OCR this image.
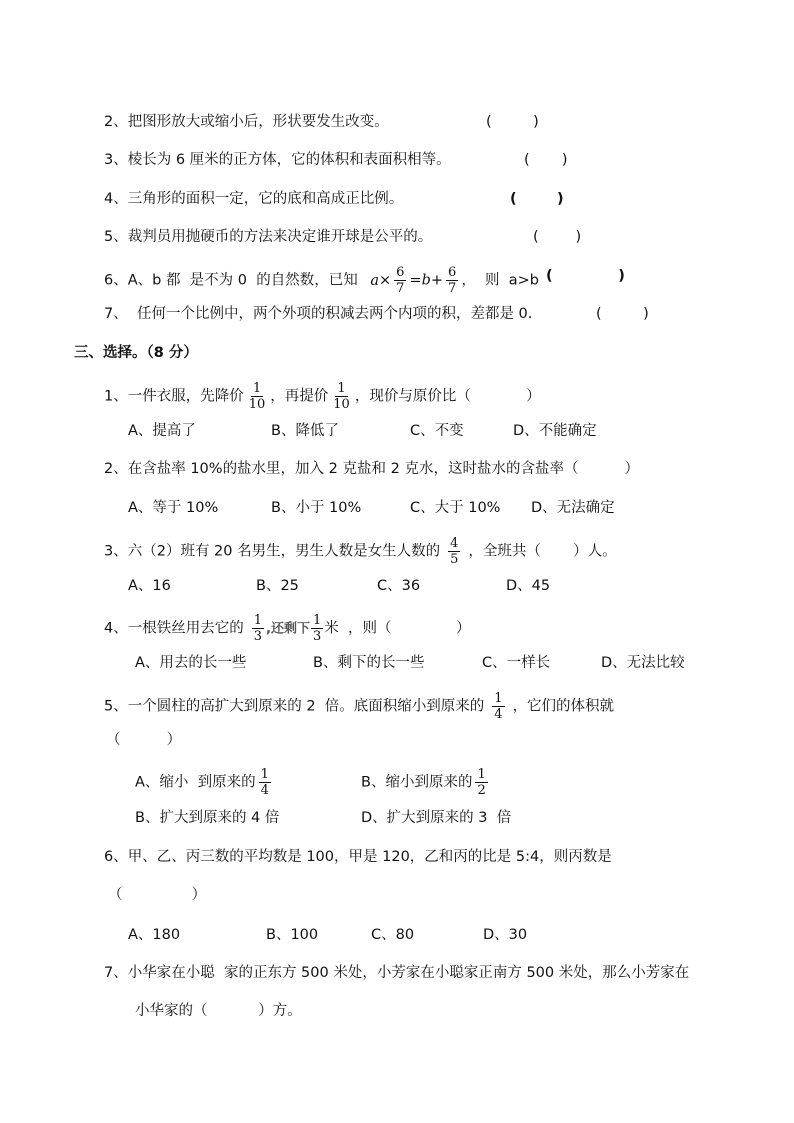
2、把图形放大或缩小后，形状要发生改变。	(         )
3、棱长为 6 厘米的正方体，它的体积和表面积相等。	(       )
4、三角形的面积一定，它的底和高成正比例。	(        )
5、裁判员用抛硬币的方法来决定谁开球是公平的。	(        )
6、A、b 都  是不为 0  的自然数，已知 $a\times \frac{6}{7} =b+ \frac{6}{7}$ ，  则  a>b (             )
7、  任何一个比例中，两个外项的积减去两个内项的积，差都是 0.	(         )
三、选择。（8 分）
1、一件衣服，先降价 $\frac{1}{10}$ ，再提价 $\frac{1}{10}$ ，现价与原价比（            ）
A、提高了	B、降低了	C、不变	D、不能确定
2、在含盐率 10%的盐水里，加入 2 克盐和 2 克水，这时盐水的含盐率（          ）
A、等于 10%	B、小于 10%	C、大于 10% D、无法确定
3、六（2）班有 20 名男生，男生人数是女生人数的 $\frac{4}{5}$ ，全班共（       ）人。
A、16	B、25	C、36	D、45
4、一根铁丝用去它的 $\frac{1}{3}$ ,还剩下 $\frac{1}{3}$ 米  ，则（              ）
A、用去的长一些	B、剩下的长一些	C、一样长	D、无法比较
5、一个圆柱的高扩大到原来的 2  倍。底面积缩小到原来的 $\frac{1}{4}$ ，它们的体积就
（          ）
A、缩小  到原来的 $\frac{1}{4}$	B、缩小到原来的 $\frac{1}{2}$
B、扩大到原来的 4 倍	D、扩大到原来的 3  倍
6、甲、乙、丙三数的平均数是 100，甲是 120，乙和丙的比是 5:4，则丙数是
（               ）
A、180	B、100	C、80	D、30
7、小华家在小聪  家的正东方 500 米处，小芳家在小聪家正南方 500 米处，那么小芳家在
小华家的（           ）方。
